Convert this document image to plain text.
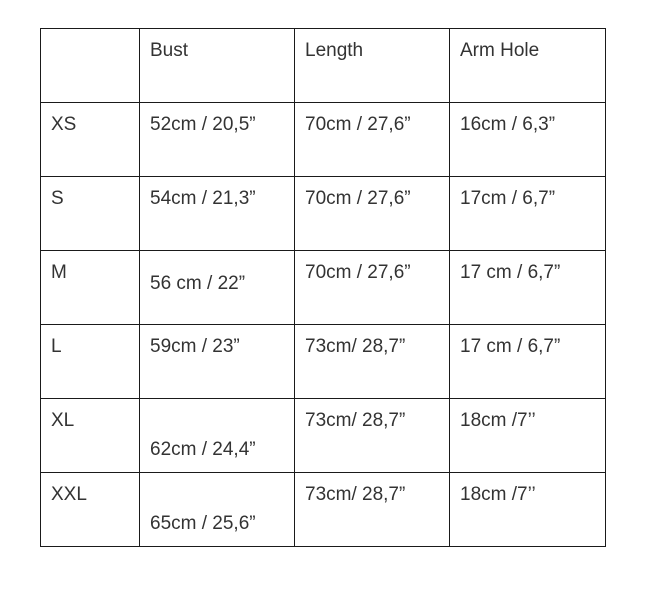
	Bust	Length	Arm Hole
XS	52cm / 20,5”	70cm / 27,6”	16cm / 6,3”
S	54cm / 21,3”	70cm / 27,6”	17cm / 6,7”
M	56 cm / 22”	70cm / 27,6”	17 cm / 6,7”
L	59cm / 23”	73cm/ 28,7”	17 cm / 6,7”
XL	62cm / 24,4”	73cm/ 28,7”	18cm /7’’
XXL	65cm / 25,6”	73cm/ 28,7”	18cm /7’’
